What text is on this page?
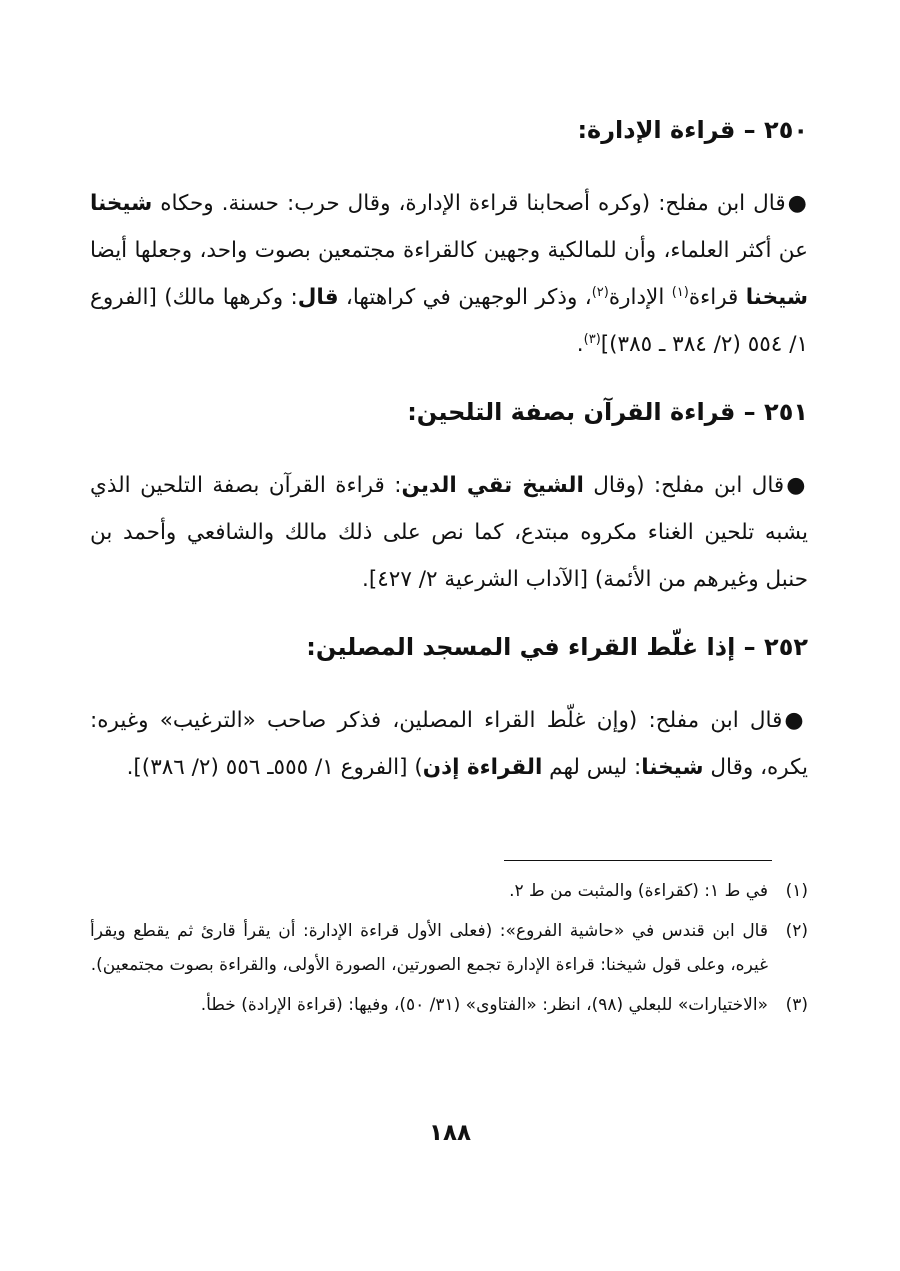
٢٥٠ – قراءة الإدارة:

●قال ابن مفلح: (وكره أصحابنا قراءة الإدارة، وقال حرب: حسنة. وحكاه شيخنا عن أكثر العلماء، وأن للمالكية وجهين كالقراءة مجتمعين بصوت واحد، وجعلها أيضا شيخنا قراءة$^{(١)}$ الإدارة$^{(٢)}$، وذكر الوجهين في كراهتها، قال: وكرهها مالك) [الفروع ١/ ٥٥٤ (٢/ ٣٨٤ ـ ٣٨٥)]$^{(٣)}$.

٢٥١ – قراءة القرآن بصفة التلحين:

●قال ابن مفلح: (وقال الشيخ تقي الدين: قراءة القرآن بصفة التلحين الذي يشبه تلحين الغناء مكروه مبتدع، كما نص على ذلك مالك والشافعي وأحمد بن حنبل وغيرهم من الأئمة) [الآداب الشرعية ٢/ ٤٢٧].

٢٥٢ – إذا غلّط القراء في المسجد المصلين:

●قال ابن مفلح: (وإن غلّط القراء المصلين، فذكر صاحب «الترغيب» وغيره: يكره، وقال شيخنا: ليس لهم القراءة إذن) [الفروع ١/ ٥٥٥ـ ٥٥٦ (٢/ ٣٨٦)].

(١)
في ط ١: (كقراءة) والمثبت من ط ٢.
(٢)
قال ابن قندس في «حاشية الفروع»: (فعلى الأول قراءة الإدارة: أن يقرأ قارئ ثم يقطع ويقرأ غيره، وعلى قول شيخنا: قراءة الإدارة تجمع الصورتين، الصورة الأولى، والقراءة بصوت مجتمعين).
(٣)
«الاختيارات» للبعلي (٩٨)، انظر: «الفتاوى» (٣١/ ٥٠)، وفيها: (قراءة الإرادة) خطأ.
١٨٨
